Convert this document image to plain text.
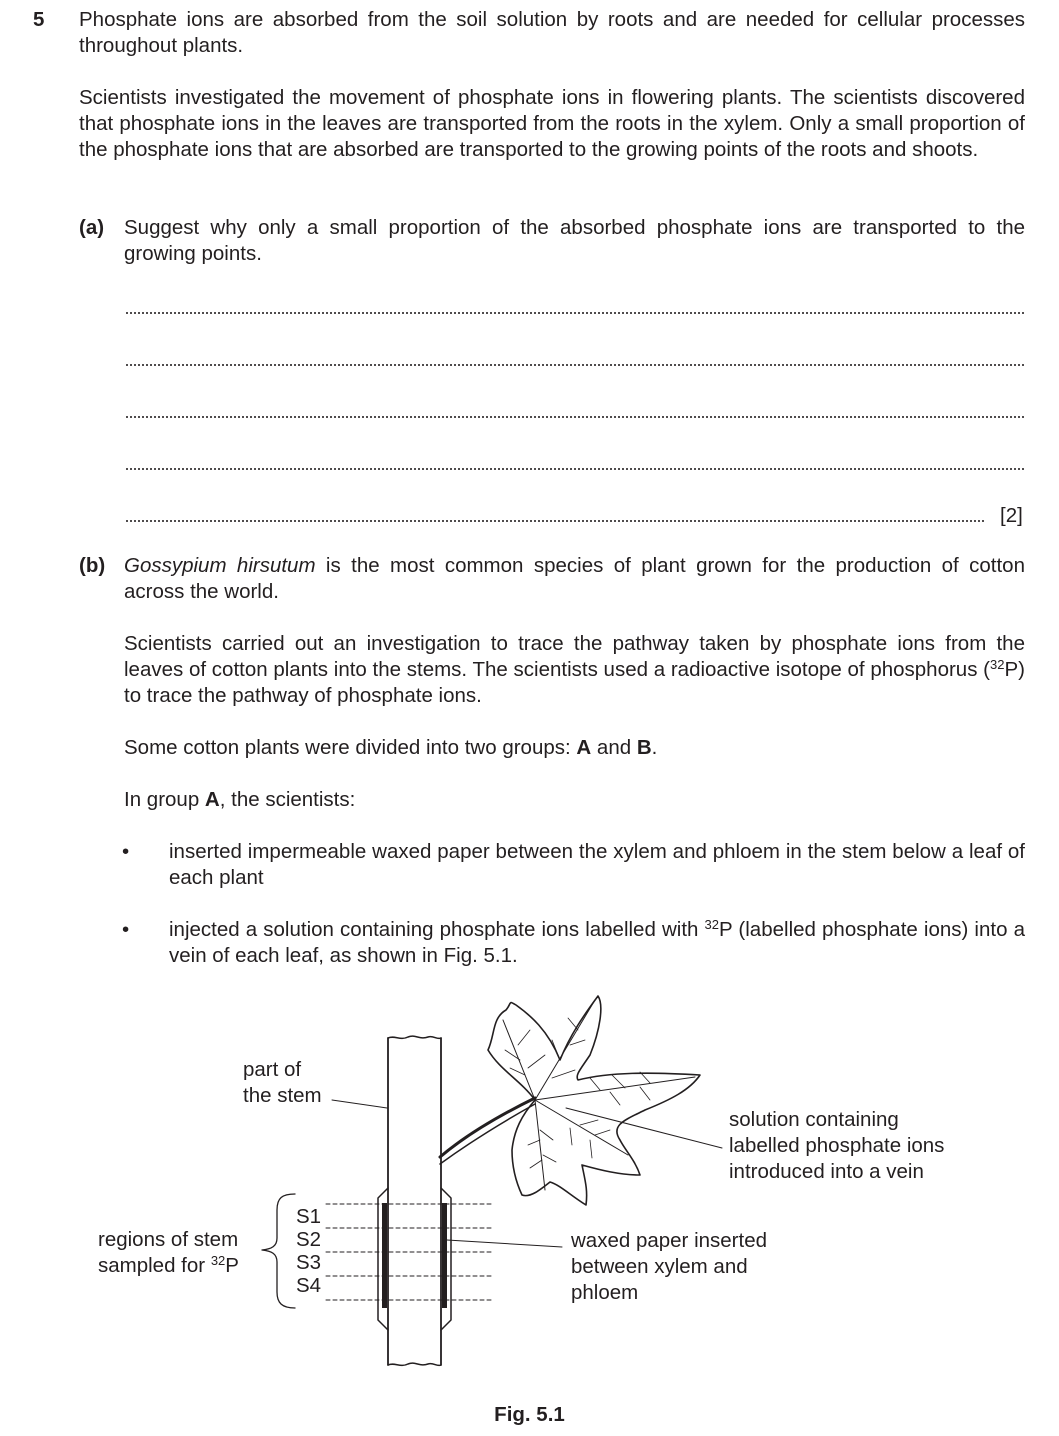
5 Phosphate ions are absorbed from the soil solution by roots and are needed for cellular processes throughout plants.
Scientists investigated the movement of phosphate ions in flowering plants. The scientists discovered that phosphate ions in the leaves are transported from the roots in the xylem. Only a small proportion of the phosphate ions that are absorbed are transported to the growing points of the roots and shoots.
(a) Suggest why only a small proportion of the absorbed phosphate ions are transported to the growing points.
[2]
(b) Gossypium hirsutum is the most common species of plant grown for the production of cotton across the world.
Scientists carried out an investigation to trace the pathway taken by phosphate ions from the leaves of cotton plants into the stems. The scientists used a radioactive isotope of phosphorus ($^{32}$P) to trace the pathway of phosphate ions.
Some cotton plants were divided into two groups: A and B.
In group A, the scientists:
• inserted impermeable waxed paper between the xylem and phloem in the stem below a leaf of each plant
• injected a solution containing phosphate ions labelled with $^{32}$P (labelled phosphate ions) into a vein of each leaf, as shown in Fig. 5.1.
part of
the stem
solution containing
labelled phosphate ions
introduced into a vein
regions of stem
sampled for $^{32}$P
S1
S2
S3
S4
waxed paper inserted
between xylem and
phloem
Fig. 5.1
